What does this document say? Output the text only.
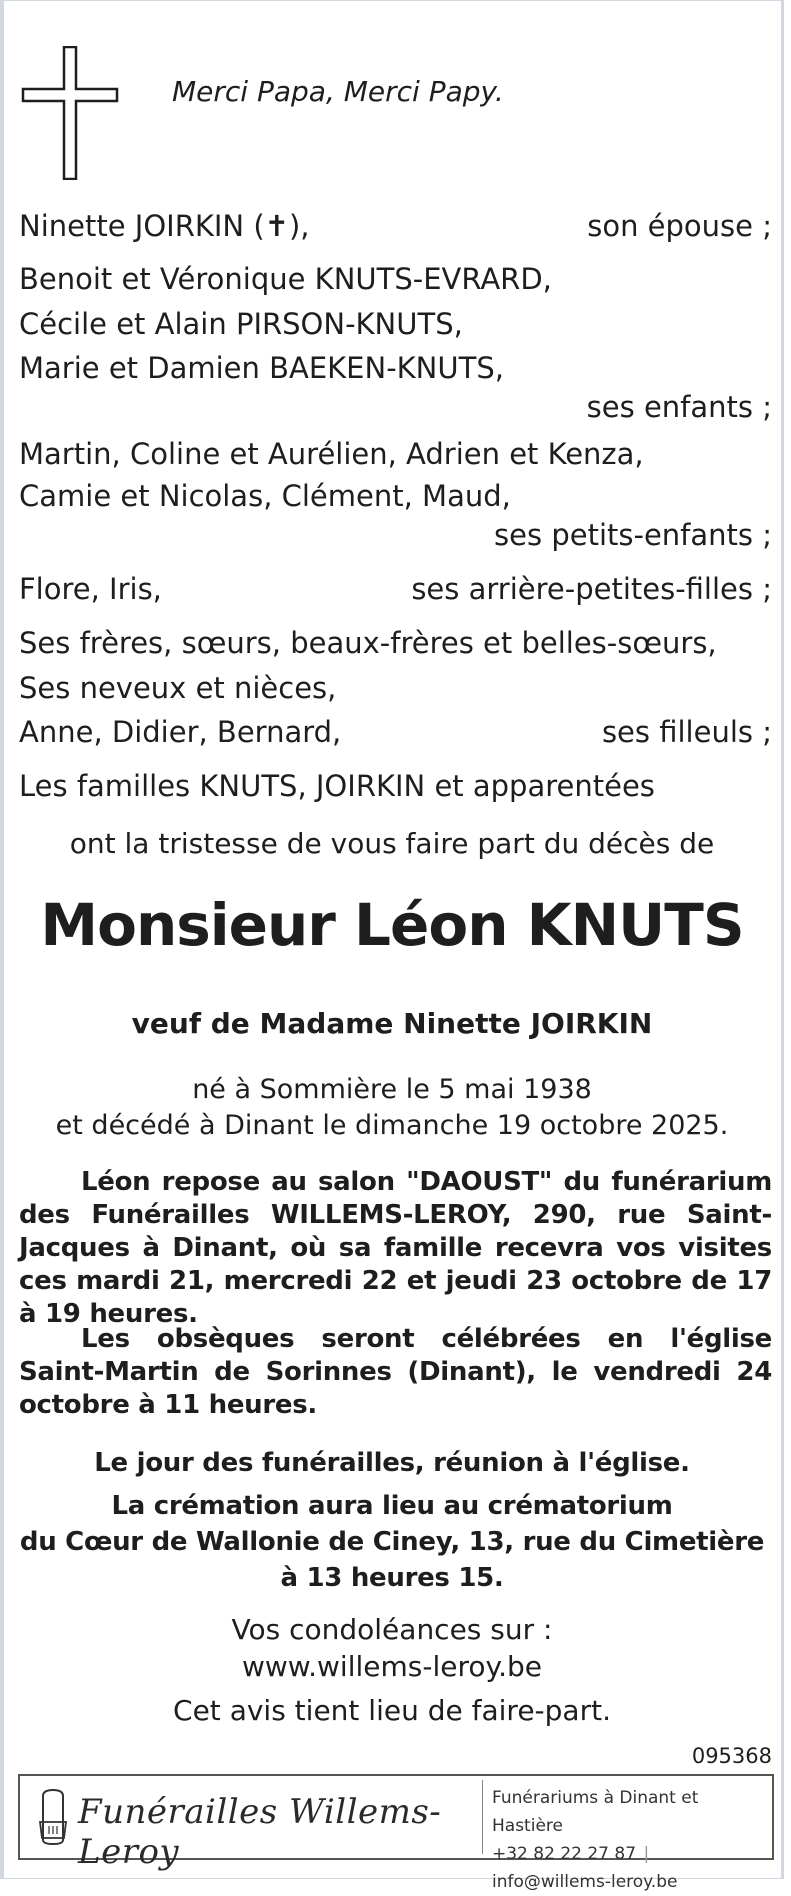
Merci Papa, Merci Papy.
Ninette JOIRKIN (✝),	son épouse ;
Benoit et Véronique KNUTS-EVRARD,
Cécile et Alain PIRSON-KNUTS,
Marie et Damien BAEKEN-KNUTS,
ses enfants ;
Martin, Coline et Aurélien, Adrien et Kenza,
Camie et Nicolas, Clément, Maud,
ses petits-enfants ;
Flore, Iris,	ses arrière-petites-filles ;
Ses frères, sœurs, beaux-frères et belles-sœurs,
Ses neveux et nièces,
Anne, Didier, Bernard,	ses filleuls ;
Les familles KNUTS, JOIRKIN et apparentées
ont la tristesse de vous faire part du décès de
Monsieur Léon KNUTS
veuf de Madame Ninette JOIRKIN
né à Sommière le 5 mai 1938
et décédé à Dinant le dimanche 19 octobre 2025.

Léon repose au salon "DAOUST" du funérarium des Funérailles WILLEMS-LEROY, 290, rue Saint-Jacques à Dinant, où sa famille recevra vos visites ces mardi 21, mercredi 22 et jeudi 23 octobre de 17 à 19 heures.

Les obsèques seront célébrées en l'église Saint-Martin de Sorinnes (Dinant), le vendredi 24 octobre à 11 heures.

Le jour des funérailles, réunion à l'église.
La crémation aura lieu au crématorium
du Cœur de Wallonie de Ciney, 13, rue du Cimetière
à 13 heures 15.
Vos condoléances sur :
www.willems-leroy.be
Cet avis tient lieu de faire-part.
095368
Funérailles Willems-Leroy
Funérariums à Dinant et Hastière
+32 82 22 27 87 | info@willems-leroy.be
